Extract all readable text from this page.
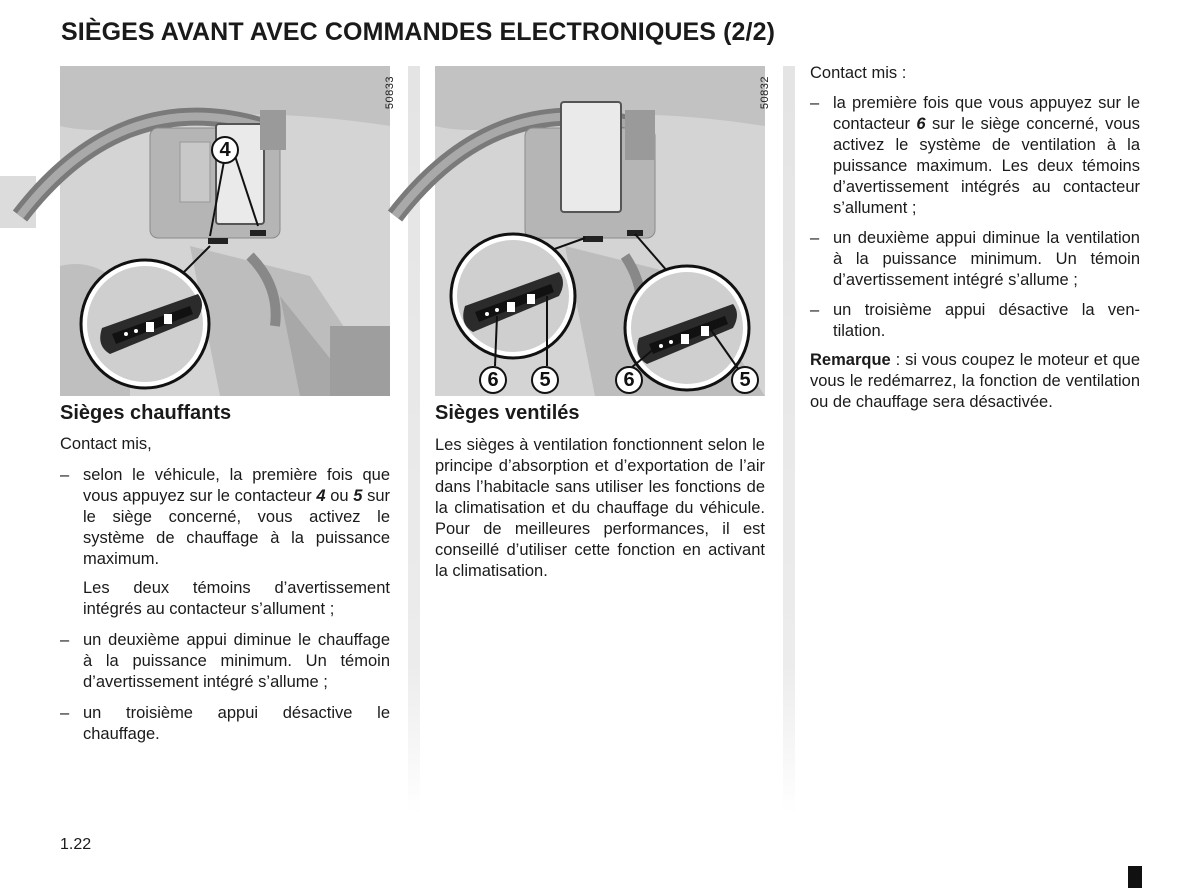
SIÈGES AVANT AVEC COMMANDES ELECTRONIQUES (2/2)
50833
4
50832
6	5	6	5
Sièges chauffants

Contact mis,

– selon le véhicule, la première fois que vous appuyez sur le contacteur 4 ou 5 sur le siège concerné, vous activez le système de chauffage à la puissance maximum.

Les deux témoins d’avertissement intégrés au contacteur s’allument ;

– un deuxième appui diminue le chauffage à la puissance minimum. Un témoin d’avertissement intégré s’allume ;
– un troisième appui désactive le chauffage.
Sièges ventilés

Les sièges à ventilation fonctionnent selon le principe d’absorption et d’exportation de l’air dans l’habitacle sans utiliser les fonctions de la climatisation et du chauffage du véhicule. Pour de meilleures performances, il est conseillé d’utiliser cette fonction en activant la climatisation.

Contact mis :

– la première fois que vous appuyez sur le contacteur 6 sur le siège concerné, vous activez le système de ventilation à la puissance maximum. Les deux témoins d’avertissement intégrés au contacteur s’allument ;
– un deuxième appui diminue la ventilation à la puissance minimum. Un témoin d’avertissement intégré s’allume ;
– un troisième appui désactive la ventilation.

Remarque : si vous coupez le moteur et que vous le redémarrez, la fonction de ventilation ou de chauffage sera désactivée.

1.22
